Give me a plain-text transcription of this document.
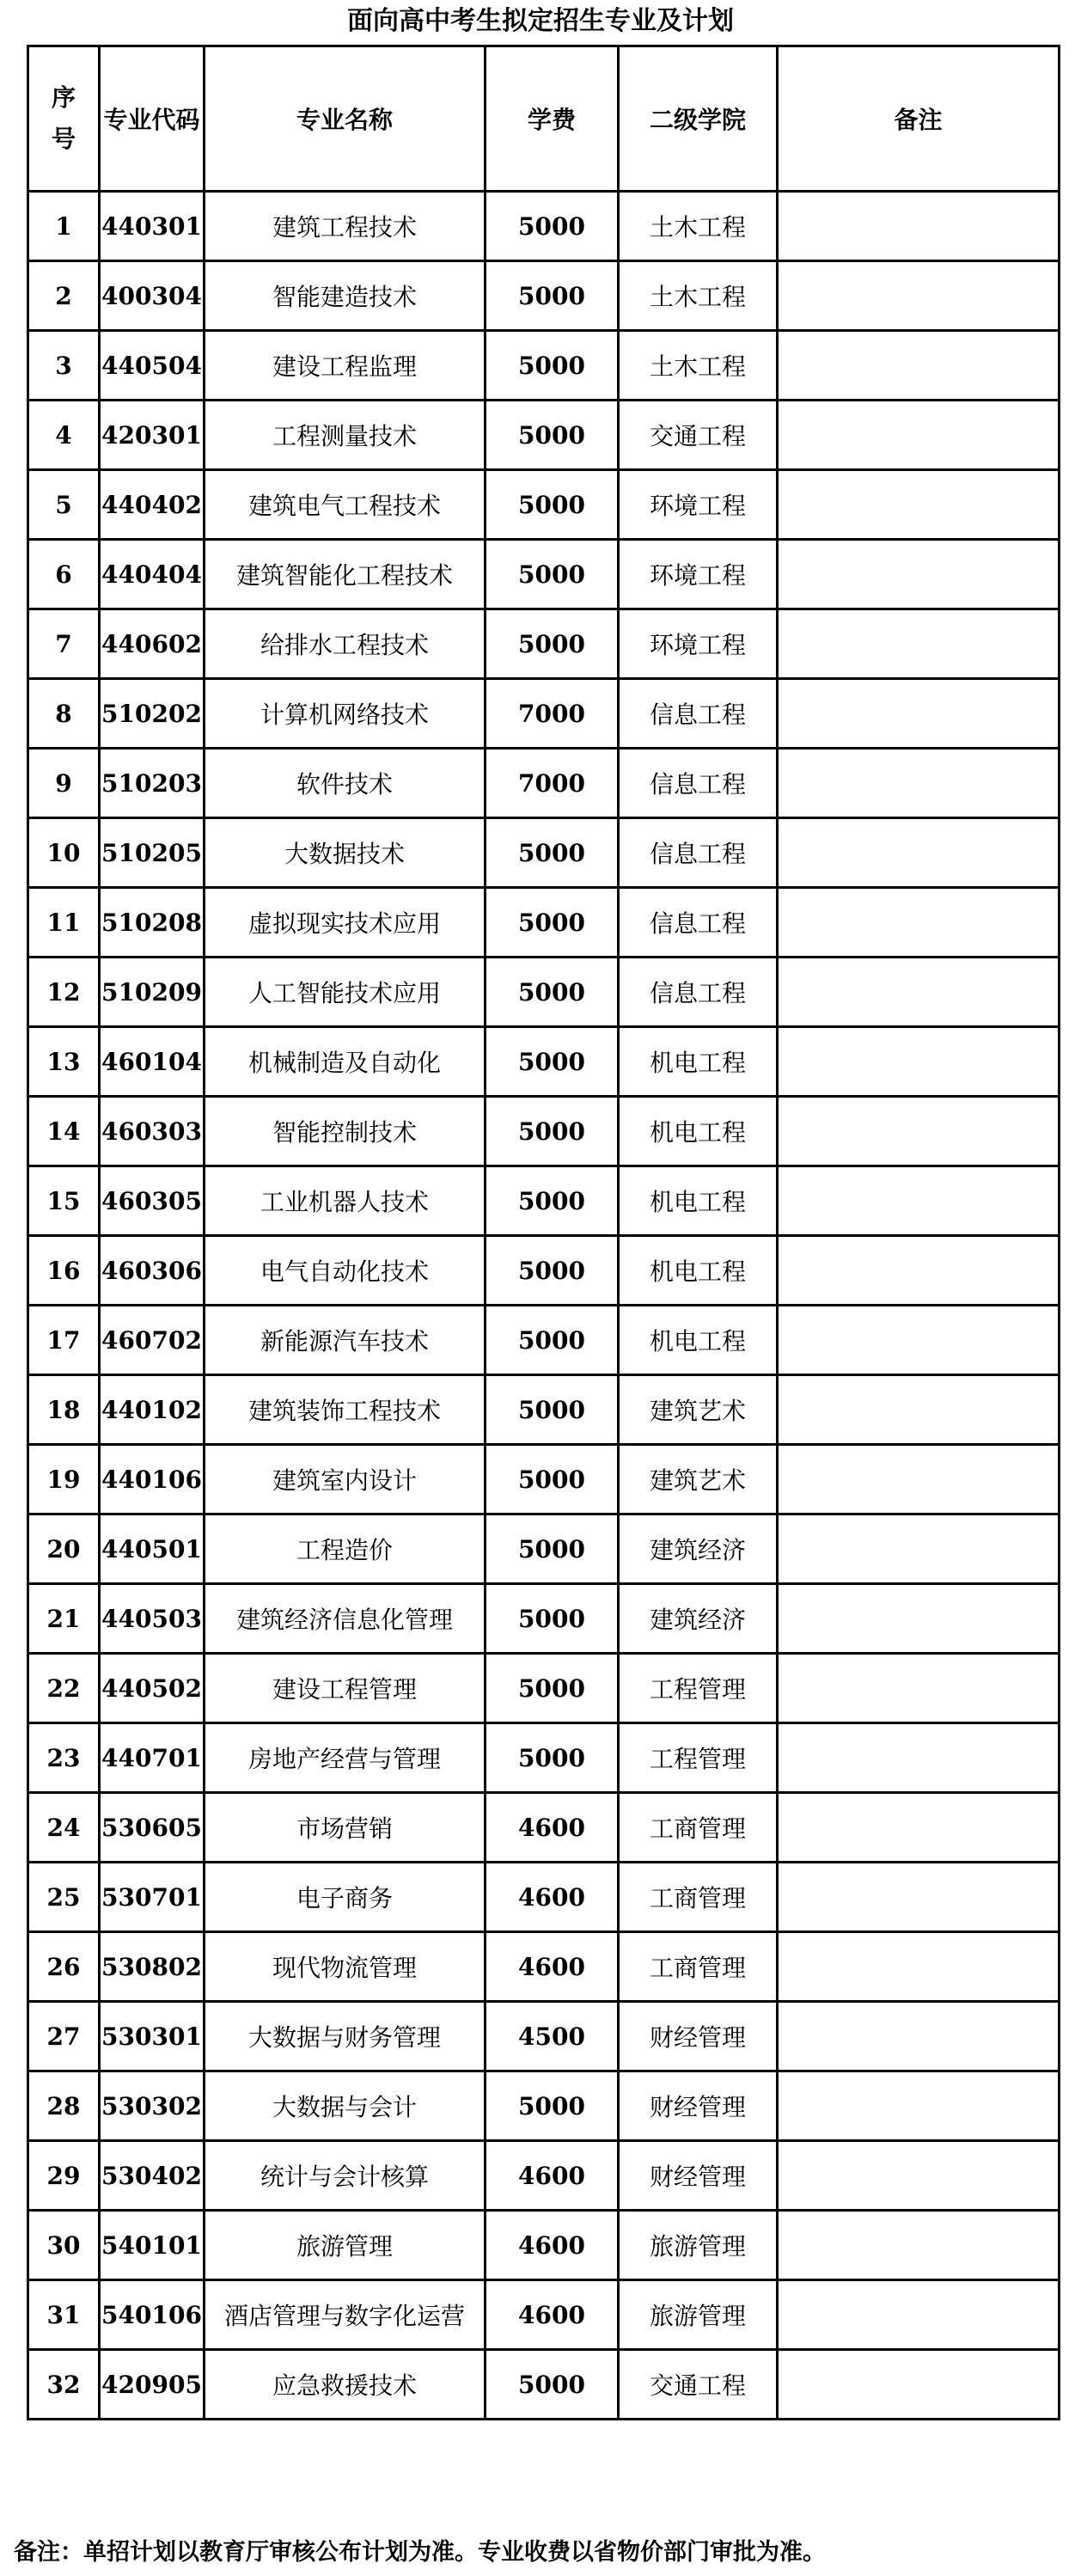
面向高中考生拟定招生专业及计划
序
号	专业代码	专业名称	学费	二级学院	备注
1	440301	建筑工程技术	5000	土木工程	
2	400304	智能建造技术	5000	土木工程	
3	440504	建设工程监理	5000	土木工程	
4	420301	工程测量技术	5000	交通工程	
5	440402	建筑电气工程技术	5000	环境工程	
6	440404	建筑智能化工程技术	5000	环境工程	
7	440602	给排水工程技术	5000	环境工程	
8	510202	计算机网络技术	7000	信息工程	
9	510203	软件技术	7000	信息工程	
10	510205	大数据技术	5000	信息工程	
11	510208	虚拟现实技术应用	5000	信息工程	
12	510209	人工智能技术应用	5000	信息工程	
13	460104	机械制造及自动化	5000	机电工程	
14	460303	智能控制技术	5000	机电工程	
15	460305	工业机器人技术	5000	机电工程	
16	460306	电气自动化技术	5000	机电工程	
17	460702	新能源汽车技术	5000	机电工程	
18	440102	建筑装饰工程技术	5000	建筑艺术	
19	440106	建筑室内设计	5000	建筑艺术	
20	440501	工程造价	5000	建筑经济	
21	440503	建筑经济信息化管理	5000	建筑经济	
22	440502	建设工程管理	5000	工程管理	
23	440701	房地产经营与管理	5000	工程管理	
24	530605	市场营销	4600	工商管理	
25	530701	电子商务	4600	工商管理	
26	530802	现代物流管理	4600	工商管理	
27	530301	大数据与财务管理	4500	财经管理	
28	530302	大数据与会计	5000	财经管理	
29	530402	统计与会计核算	4600	财经管理	
30	540101	旅游管理	4600	旅游管理	
31	540106	酒店管理与数字化运营	4600	旅游管理	
32	420905	应急救援技术	5000	交通工程	
备注：单招计划以教育厅审核公布计划为准。专业收费以省物价部门审批为准。
